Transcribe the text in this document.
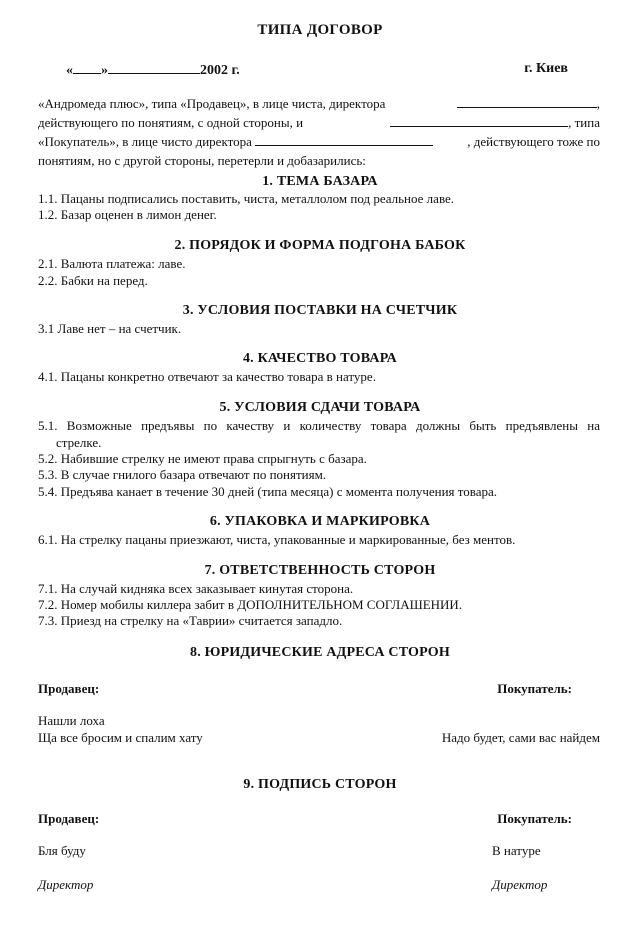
ТИПА ДОГОВОР
« »	2002 г.	г. Киев
«Андромеда плюс», типа «Продавец», в лице чиста, директора	,
действующего по понятиям, с одной стороны, и	, типа
«Покупатель», в лице чисто директора	, действующего тоже по
понятиям, но с другой стороны, перетерли и добазарились:
1. ТЕМА БАЗАРА
1.1. Пацаны подписались поставить, чиста, металлолом под реальное лаве.
1.2. Базар оценен в лимон денег.
2. ПОРЯДОК И ФОРМА ПОДГОНА БАБОК
2.1. Валюта платежа: лаве.
2.2. Бабки на перед.
3. УСЛОВИЯ ПОСТАВКИ НА СЧЕТЧИК
3.1 Лаве нет – на счетчик.
4. КАЧЕСТВО ТОВАРА
4.1. Пацаны конкретно отвечают за качество товара в натуре.
5. УСЛОВИЯ СДАЧИ ТОВАРА
5.1. Возможные предъявы по качеству и количеству товара должны быть предъявлены на
стрелке.
5.2. Набившие стрелку не имеют права спрыгнуть с базара.
5.3. В случае гнилого базара отвечают по понятиям.
5.4. Предъява канает в течение 30 дней (типа месяца) с момента получения товара.
6. УПАКОВКА И МАРКИРОВКА
6.1. На стрелку пацаны приезжают, чиста, упакованные и маркированные, без ментов.
7. ОТВЕТСТВЕННОСТЬ СТОРОН
7.1. На случай кидняка всех заказывает кинутая сторона.
7.2. Номер мобилы киллера забит в ДОПОЛНИТЕЛЬНОМ СОГЛАШЕНИИ.
7.3. Приезд на стрелку на «Таврии» считается западло.
8. ЮРИДИЧЕСКИЕ АДРЕСА СТОРОН
Продавец:	Покупатель:
Нашли лоха
Ща все бросим и спалим хату	Надо будет, сами вас найдем
9. ПОДПИСЬ СТОРОН
Продавец:	Покупатель:
Бля буду	В натуре
Директор	Директор
